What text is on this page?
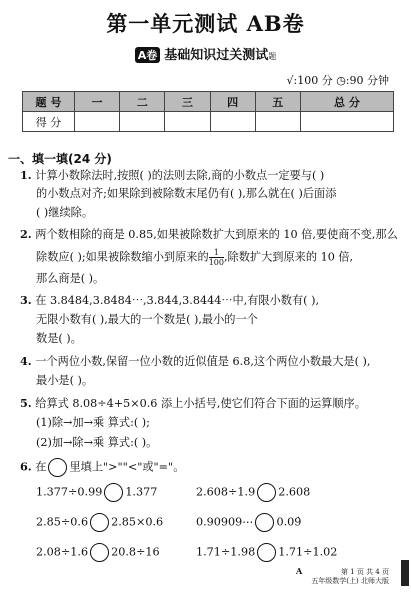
第一单元测试 AB卷
A卷 基础知识过关测试题
√:100 分 ◷:90 分钟
题 号	一	二	三	四	五	总 分
得 分						
一、填一填(24 分)
1. 计算小数除法时,按照( )的法则去除,商的小数点一定要与( )
的小数点对齐;如果除到被除数末尾仍有( ),那么就在( )后面添
( )继续除。
2. 两个数相除的商是 0.85,如果被除数扩大到原来的 10 倍,要使商不变,那么
除数应( );如果被除数缩小到原来的 $\frac{1}{100}$ ,除数扩大到原来的 10 倍,
那么商是( )。
3. 在 3.8484,3.8484⋯,3.844,3.8444⋯中,有限小数有( ),
无限小数有( ),最大的一个数是( ),最小的一个
数是( )。
4. 一个两位小数,保留一位小数的近似值是 6.8,这个两位小数最大是( ),
最小是( )。
5. 给算式 8.08÷4+5×0.6 添上小括号,使它们符合下面的运算顺序。
(1)除→加→乘 算式:( );
(2)加→除→乘 算式:( )。
6. 在 里填上">""<"或"="。
1.377÷0.99 1.377	2.608÷1.9 2.608
2.85÷0.6 2.85×0.6	0.90909⋯ 0.09̇
2.08÷1.6 20.8÷16	1.71÷1.98 1.71÷1.02
A	第 1 页 共 4 页
五年级数学(上) 北师大版
